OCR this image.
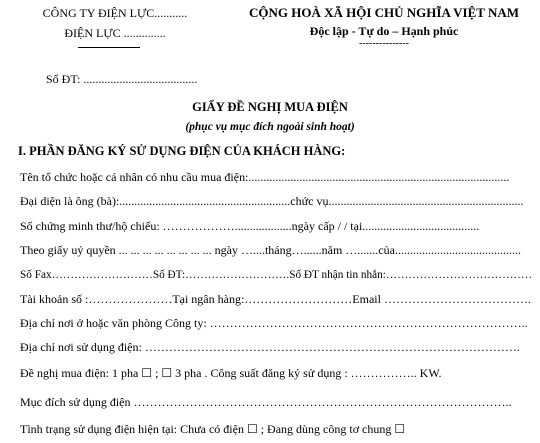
CÔNG TY ĐIỆN LỰC...........
ĐIỆN LỰC ..............
CỘNG HOÀ XÃ HỘI CHỦ NGHĨA VIỆT NAM
Độc lập - Tự do – Hạnh phúc
---------------
Số ĐT: ......................................
GIẤY ĐỀ NGHỊ MUA ĐIỆN
(phục vụ mục đích ngoài sinh hoạt)
I. PHẦN ĐĂNG KÝ SỬ DỤNG ĐIỆN CỦA KHÁCH HÀNG:
Tên tổ chức hoặc cá nhân có nhu cầu mua điện:.......................................................................................
Đại diện là ông (bà):.........................................................chức vụ.................................................................
Số chứng minh thư/hộ chiếu: ………………...................ngày cấp / / tại.......................................
Theo giấy uỷ quyền ... ... ... ... ... ... ... ... ngày …....tháng…......năm ….......của..........................................
Số Fax………………………Số ĐT:……………………….Số ĐT nhận tin nhắn:…………………………………
Tài khoản số :…………………Tại ngân hàng:………………………Email ……………………………….
Địa chỉ nơi ở hoặc văn phòng Công ty: ……………………………………………………………………..
Địa chỉ nơi sử dụng điện: ………………………………………………………………………………….
Đề nghị mua điện: 1 pha ☐ ; ☐ 3 pha . Công suất đăng ký sử dụng : …………….. KW.
Mục đích sử dụng điện …………………………………………………………………………………..
Tình trạng sử dụng điện hiện tại: Chưa có điện ☐ ; Đang dùng công tơ chung ☐
